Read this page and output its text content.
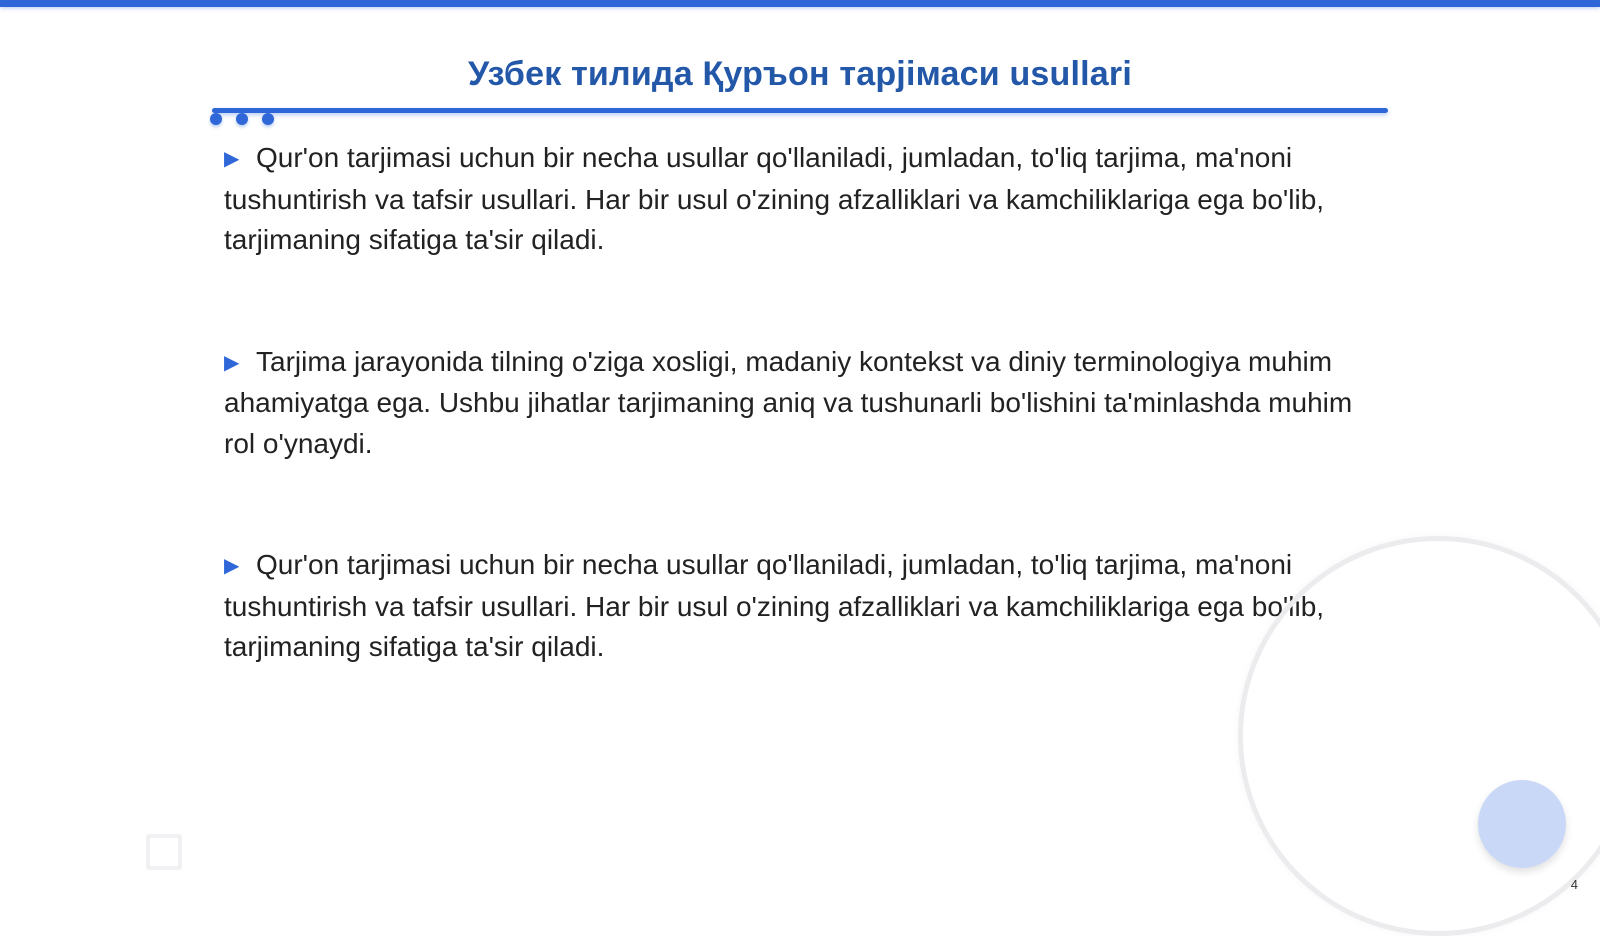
Узбек тилида Қуръон тарјімаси usullari

▶ Qur'on tarjimasi uchun bir necha usullar qo'llaniladi, jumladan, to'liq tarjima, ma'noni tushuntirish va tafsir usullari. Har bir usul o'zining afzalliklari va kamchiliklariga ega bo'lib, tarjimaning sifatiga ta'sir qiladi.

▶ Tarjima jarayonida tilning o'ziga xosligi, madaniy kontekst va diniy terminologiya muhim ahamiyatga ega. Ushbu jihatlar tarjimaning aniq va tushunarli bo'lishini ta'minlashda muhim rol o'ynaydi.

▶ Qur'on tarjimasi uchun bir necha usullar qo'llaniladi, jumladan, to'liq tarjima, ma'noni tushuntirish va tafsir usullari. Har bir usul o'zining afzalliklari va kamchiliklariga ega bo'lib, tarjimaning sifatiga ta'sir qiladi.

4
